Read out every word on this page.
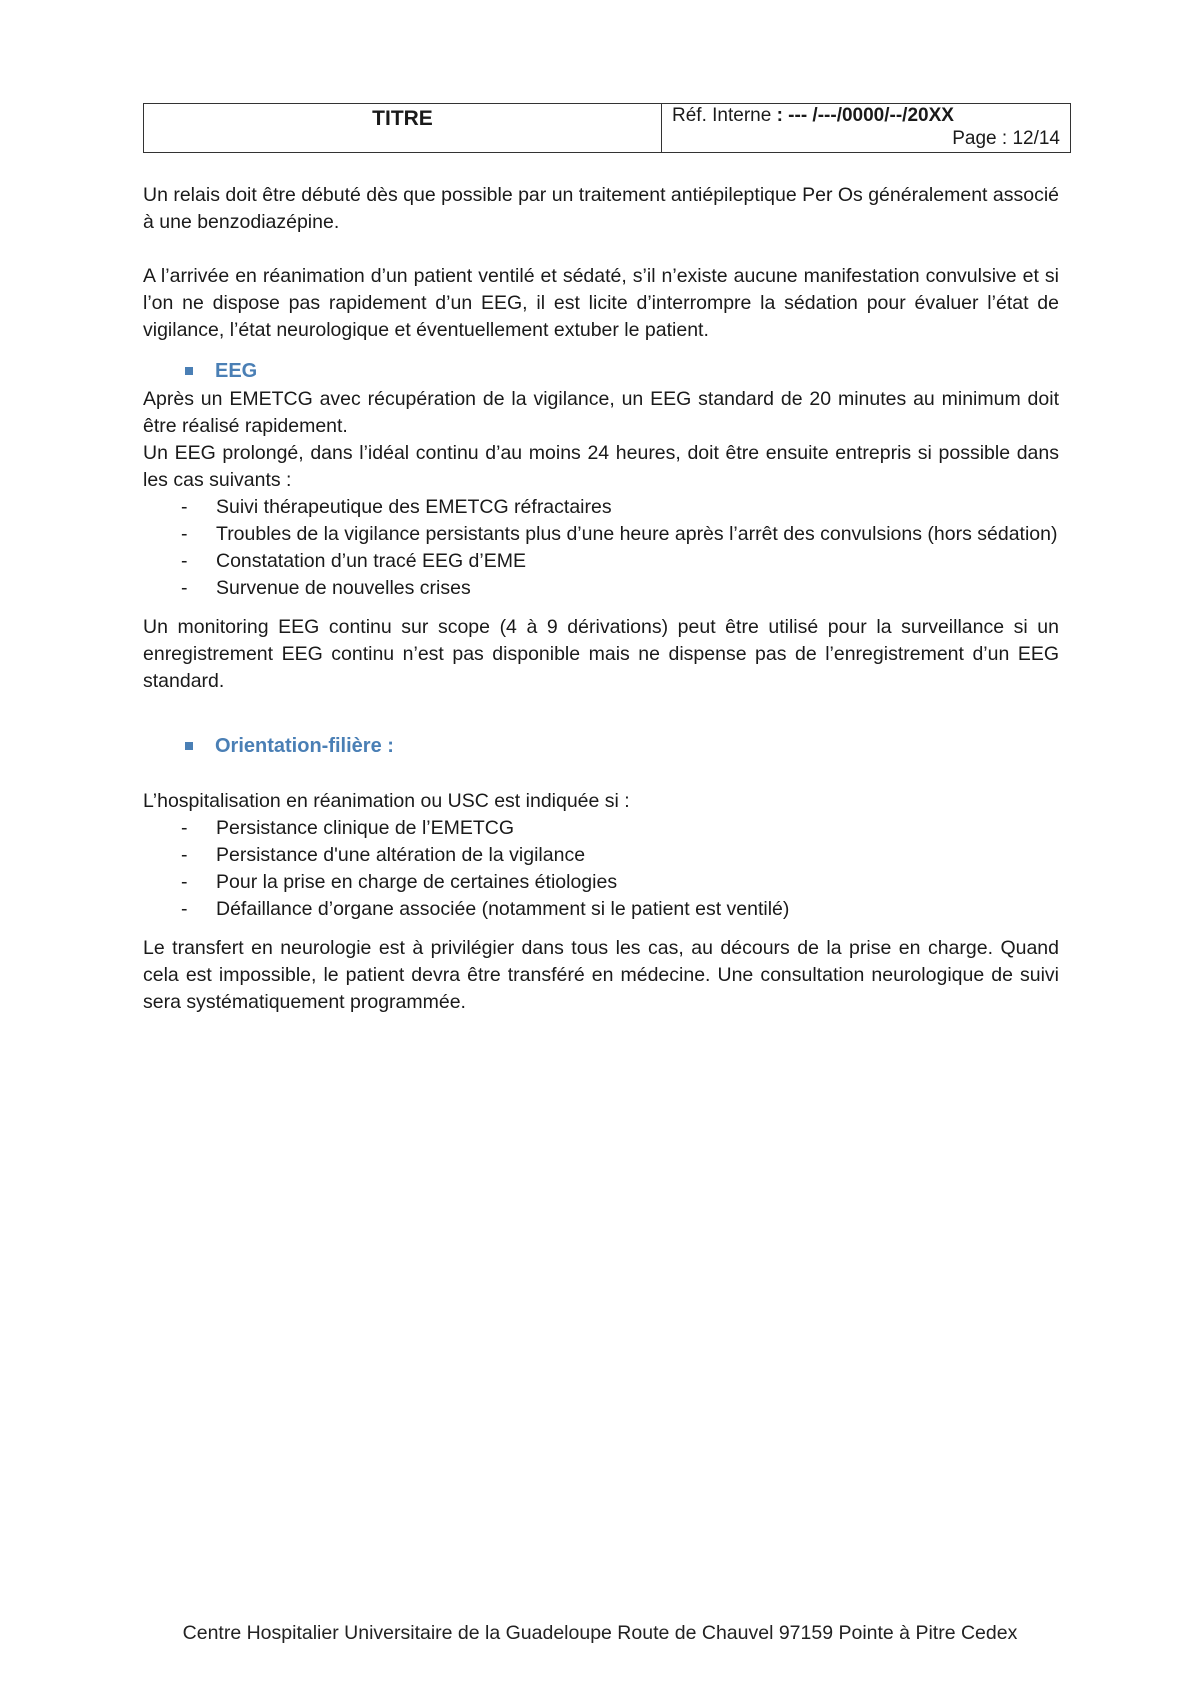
TITRE	Réf. Interne : --- /---/0000/--/20XX
Page : 12/14

Un relais doit être débuté dès que possible par un traitement antiépileptique Per Os généralement associé à une benzodiazépine.

A l’arrivée en réanimation d’un patient ventilé et sédaté, s’il n’existe aucune manifestation convulsive et si l’on ne dispose pas rapidement d’un EEG, il est licite d’interrompre la sédation pour évaluer l’état de vigilance, l’état neurologique et éventuellement extuber le patient.

EEG

Après un EMETCG avec récupération de la vigilance, un EEG standard de 20 minutes au minimum doit être réalisé rapidement.

Un EEG prolongé, dans l’idéal continu d’au moins 24 heures, doit être ensuite entrepris si possible dans les cas suivants :

- Suivi thérapeutique des EMETCG réfractaires
- Troubles de la vigilance persistants plus d’une heure après l’arrêt des convulsions (hors sédation)
- Constatation d’un tracé EEG d’EME
- Survenue de nouvelles crises

Un monitoring EEG continu sur scope (4 à 9 dérivations) peut être utilisé pour la surveillance si un enregistrement EEG continu n’est pas disponible mais ne dispense pas de l’enregistrement d’un EEG standard.

Orientation-filière :

L’hospitalisation en réanimation ou USC est indiquée si :

- Persistance clinique de l’EMETCG
- Persistance d'une altération de la vigilance
- Pour la prise en charge de certaines étiologies
- Défaillance d’organe associée (notamment si le patient est ventilé)

Le transfert en neurologie est à privilégier dans tous les cas, au décours de la prise en charge. Quand cela est impossible, le patient devra être transféré en médecine. Une consultation neurologique de suivi sera systématiquement programmée.

Centre Hospitalier Universitaire de la Guadeloupe Route de Chauvel 97159 Pointe à Pitre Cedex
